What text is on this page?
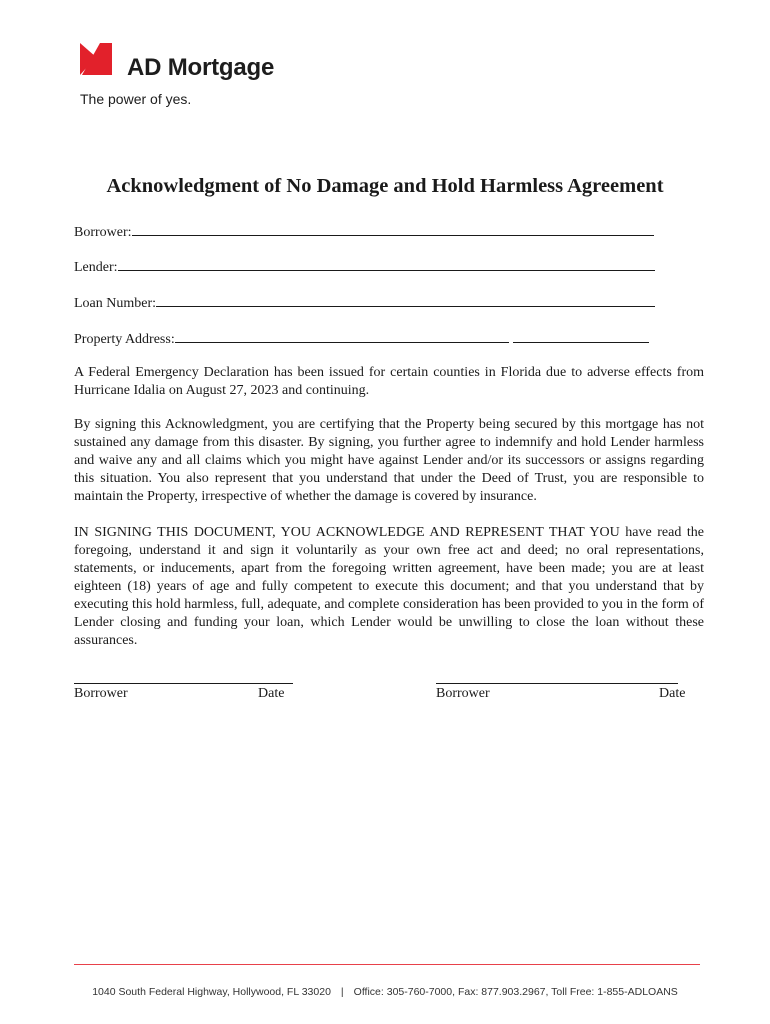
AD Mortgage
The power of yes.
Acknowledgment of No Damage and Hold Harmless Agreement
Borrower:
Lender:
Loan Number:
Property Address:

A Federal Emergency Declaration has been issued for certain counties in Florida due to adverse effects from Hurricane Idalia on August 27, 2023 and continuing.

By signing this Acknowledgment, you are certifying that the Property being secured by this mortgage has not sustained any damage from this disaster. By signing, you further agree to indemnify and hold Lender harmless and waive any and all claims which you might have against Lender and/or its successors or assigns regarding this situation. You also represent that you understand that under the Deed of Trust, you are responsible to maintain the Property, irrespective of whether the damage is covered by insurance.

IN SIGNING THIS DOCUMENT, YOU ACKNOWLEDGE AND REPRESENT THAT YOU have read the foregoing, understand it and sign it voluntarily as your own free act and deed; no oral representations, statements, or inducements, apart from the foregoing written agreement, have been made; you are at least eighteen (18) years of age and fully competent to execute this document; and that you understand that by executing this hold harmless, full, adequate, and complete consideration has been provided to you in the form of Lender closing and funding your loan, which Lender would be unwilling to close the loan without these assurances.

Borrower	Date	Borrower	Date
1040 South Federal Highway, Hollywood, FL 33020 | Office: 305-760-7000, Fax: 877.903.2967, Toll Free: 1-855-ADLOANS
